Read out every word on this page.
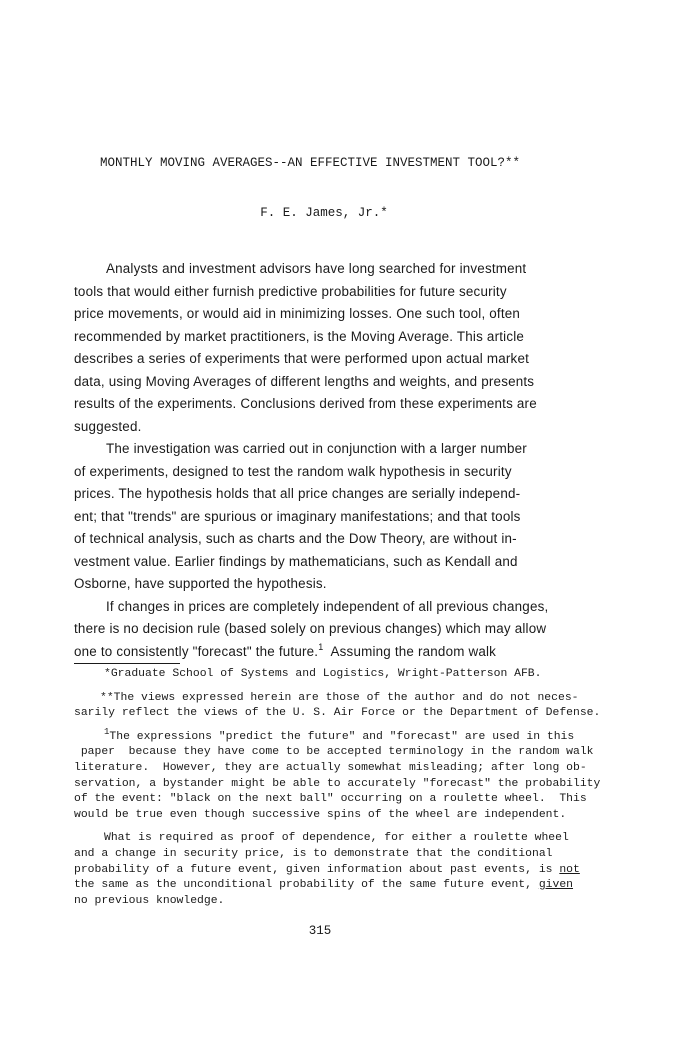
MONTHLY MOVING AVERAGES--AN EFFECTIVE INVESTMENT TOOL?**
F. E. James, Jr.*
Analysts and investment advisors have long searched for investment
tools that would either furnish predictive probabilities for future security
price movements, or would aid in minimizing losses. One such tool, often
recommended by market practitioners, is the Moving Average. This article
describes a series of experiments that were performed upon actual market
data, using Moving Averages of different lengths and weights, and presents
results of the experiments. Conclusions derived from these experiments are
suggested.
The investigation was carried out in conjunction with a larger number
of experiments, designed to test the random walk hypothesis in security
prices. The hypothesis holds that all price changes are serially independ-
ent; that "trends" are spurious or imaginary manifestations; and that tools
of technical analysis, such as charts and the Dow Theory, are without in-
vestment value. Earlier findings by mathematicians, such as Kendall and
Osborne, have supported the hypothesis.
If changes in prices are completely independent of all previous changes,
there is no decision rule (based solely on previous changes) which may allow
one to consistently "forecast" the future.$^1$  Assuming the random walk
*Graduate School of Systems and Logistics, Wright-Patterson AFB.
**The views expressed herein are those of the author and do not neces-
sarily reflect the views of the U. S. Air Force or the Department of Defense.
$^1$The expressions "predict the future" and "forecast" are used in this
paper  because they have come to be accepted terminology in the random walk
literature.  However, they are actually somewhat misleading; after long ob-
servation, a bystander might be able to accurately "forecast" the probability
of the event: "black on the next ball" occurring on a roulette wheel.  This
would be true even though successive spins of the wheel are independent.
What is required as proof of dependence, for either a roulette wheel
and a change in security price, is to demonstrate that the conditional
probability of a future event, given information about past events, is not
the same as the unconditional probability of the same future event, given
no previous knowledge.
315
